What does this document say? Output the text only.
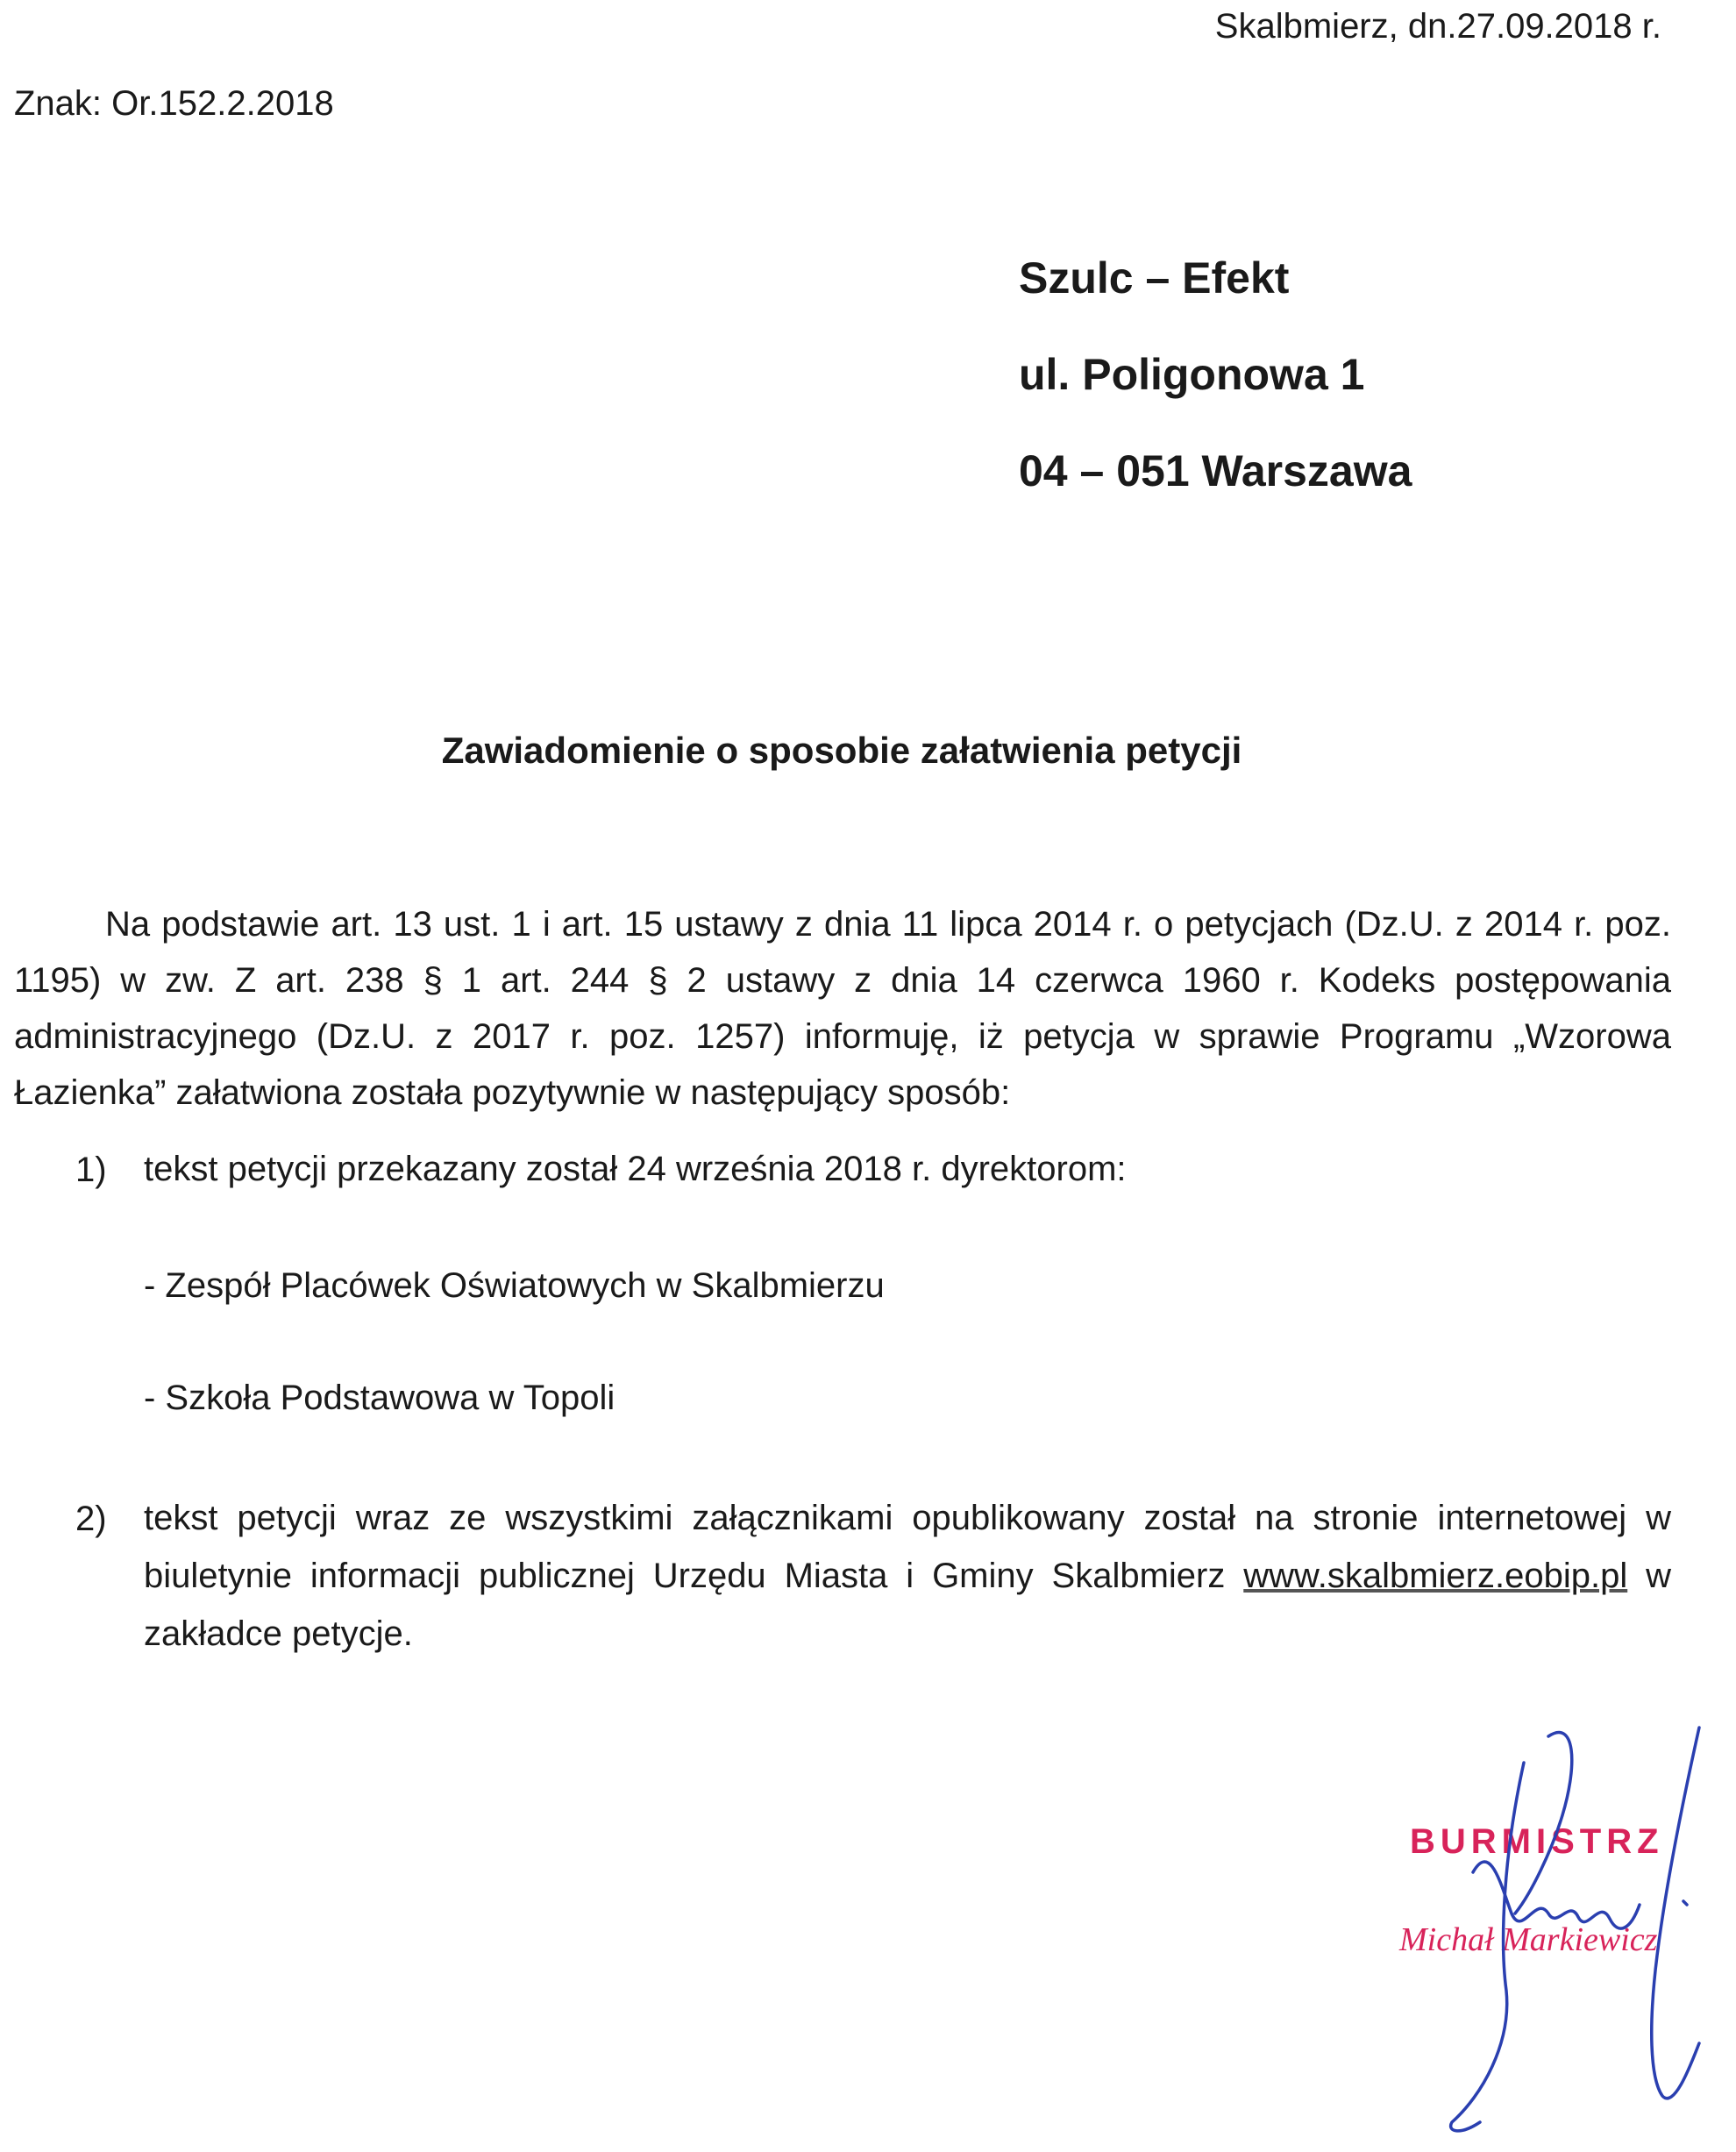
Skalbmierz, dn.27.09.2018 r.
Znak: Or.152.2.2018
Szulc – Efekt
ul. Poligonowa 1
04 – 051 Warszawa
Zawiadomienie o sposobie załatwienia petycji
Na podstawie art. 13 ust. 1 i art. 15 ustawy z dnia 11 lipca 2014 r. o petycjach (Dz.U. z 2014 r. poz. 1195) w zw. Z art. 238 § 1 art. 244 § 2 ustawy z dnia 14 czerwca 1960 r. Kodeks postępowania administracyjnego (Dz.U. z 2017 r. poz. 1257) informuję, iż petycja w sprawie Programu „Wzorowa Łazienka” załatwiona została pozytywnie w następujący sposób:
1) tekst petycji przekazany został 24 września 2018 r. dyrektorom:
- Zespół Placówek Oświatowych w Skalbmierzu
- Szkoła Podstawowa w Topoli
2) tekst petycji wraz ze wszystkimi załącznikami opublikowany został na stronie internetowej w biuletynie informacji publicznej Urzędu Miasta i Gminy Skalbmierz www.skalbmierz.eobip.pl w zakładce petycje.
BURMISTRZ
Michał Markiewicz
